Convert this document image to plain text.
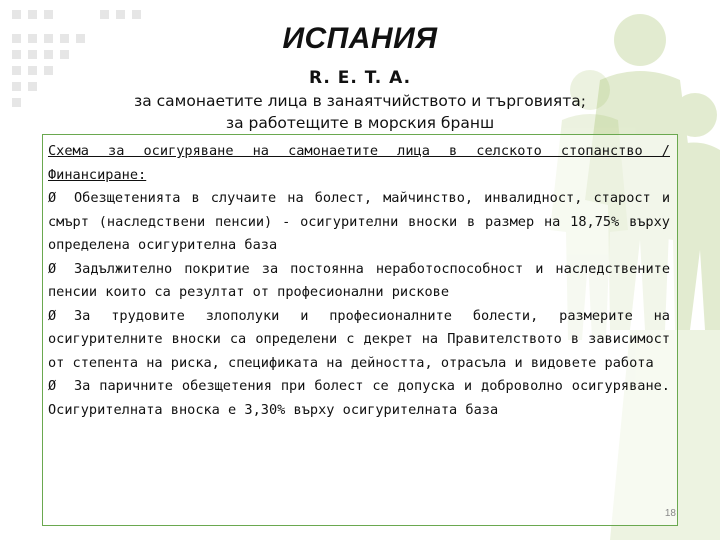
ИСПАНИЯ
R. E. T. A.
за самонаетите лица в занаятчийството и търговията;
за работещите в морския бранш

Схема за осигуряване на самонаетите лица в селското стопанство / Финансиране:

Ø Обезщетенията в случаите на болест, майчинство, инвалидност, старост и смърт (наследствени пенсии) - осигурителни вноски в размер на 18,75% върху определена осигурителна база

Ø Задължително покритие за постоянна неработоспособност и наследствените пенсии които са резултат от професионални рискове

Ø За трудовите злополуки и професионалните болести, размерите на осигурителните вноски са определени с декрет на Правителството в зависимост от степента на риска, спецификата на дейността, отрасъла и видовете работа

Ø За паричните обезщетения при болест се допуска и доброволно осигуряване. Осигурителната вноска е 3,30% върху осигурителната база

18
